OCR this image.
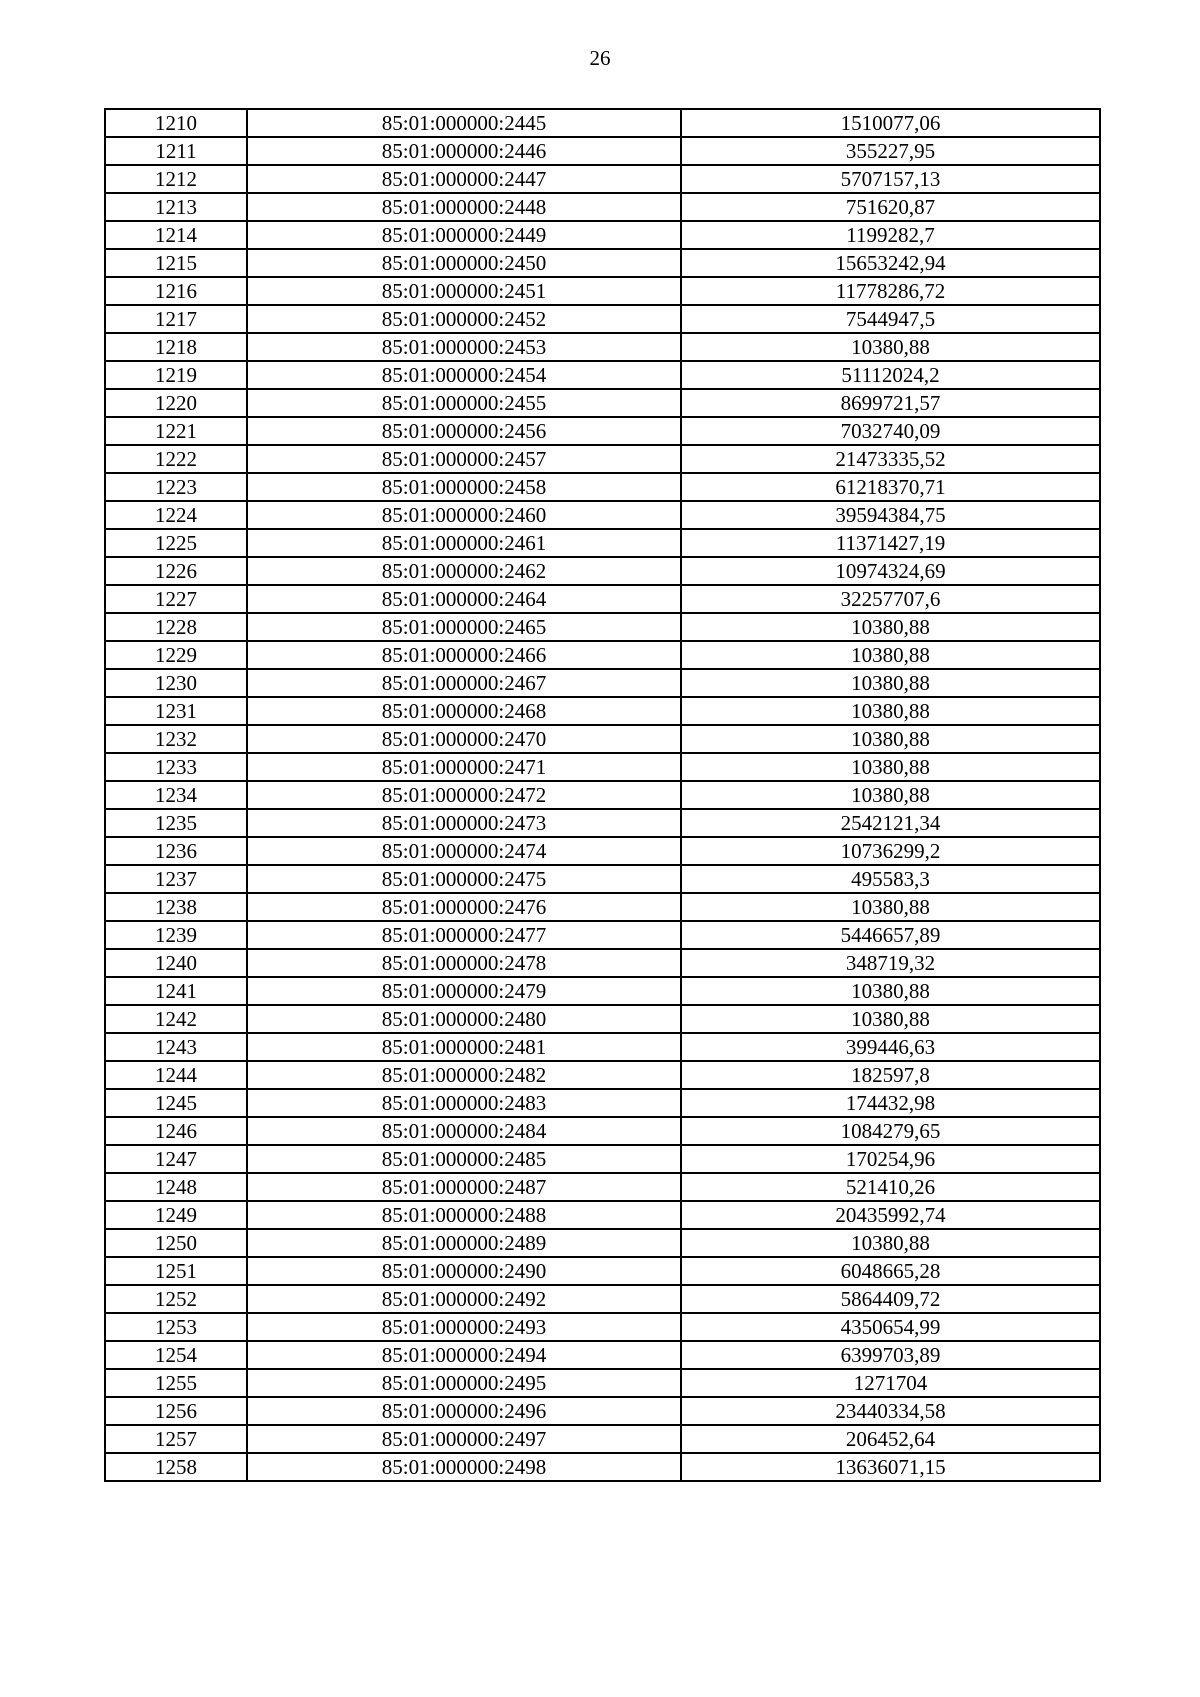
26
1210	85:01:000000:2445	1510077,06
1211	85:01:000000:2446	355227,95
1212	85:01:000000:2447	5707157,13
1213	85:01:000000:2448	751620,87
1214	85:01:000000:2449	1199282,7
1215	85:01:000000:2450	15653242,94
1216	85:01:000000:2451	11778286,72
1217	85:01:000000:2452	7544947,5
1218	85:01:000000:2453	10380,88
1219	85:01:000000:2454	51112024,2
1220	85:01:000000:2455	8699721,57
1221	85:01:000000:2456	7032740,09
1222	85:01:000000:2457	21473335,52
1223	85:01:000000:2458	61218370,71
1224	85:01:000000:2460	39594384,75
1225	85:01:000000:2461	11371427,19
1226	85:01:000000:2462	10974324,69
1227	85:01:000000:2464	32257707,6
1228	85:01:000000:2465	10380,88
1229	85:01:000000:2466	10380,88
1230	85:01:000000:2467	10380,88
1231	85:01:000000:2468	10380,88
1232	85:01:000000:2470	10380,88
1233	85:01:000000:2471	10380,88
1234	85:01:000000:2472	10380,88
1235	85:01:000000:2473	2542121,34
1236	85:01:000000:2474	10736299,2
1237	85:01:000000:2475	495583,3
1238	85:01:000000:2476	10380,88
1239	85:01:000000:2477	5446657,89
1240	85:01:000000:2478	348719,32
1241	85:01:000000:2479	10380,88
1242	85:01:000000:2480	10380,88
1243	85:01:000000:2481	399446,63
1244	85:01:000000:2482	182597,8
1245	85:01:000000:2483	174432,98
1246	85:01:000000:2484	1084279,65
1247	85:01:000000:2485	170254,96
1248	85:01:000000:2487	521410,26
1249	85:01:000000:2488	20435992,74
1250	85:01:000000:2489	10380,88
1251	85:01:000000:2490	6048665,28
1252	85:01:000000:2492	5864409,72
1253	85:01:000000:2493	4350654,99
1254	85:01:000000:2494	6399703,89
1255	85:01:000000:2495	1271704
1256	85:01:000000:2496	23440334,58
1257	85:01:000000:2497	206452,64
1258	85:01:000000:2498	13636071,15
